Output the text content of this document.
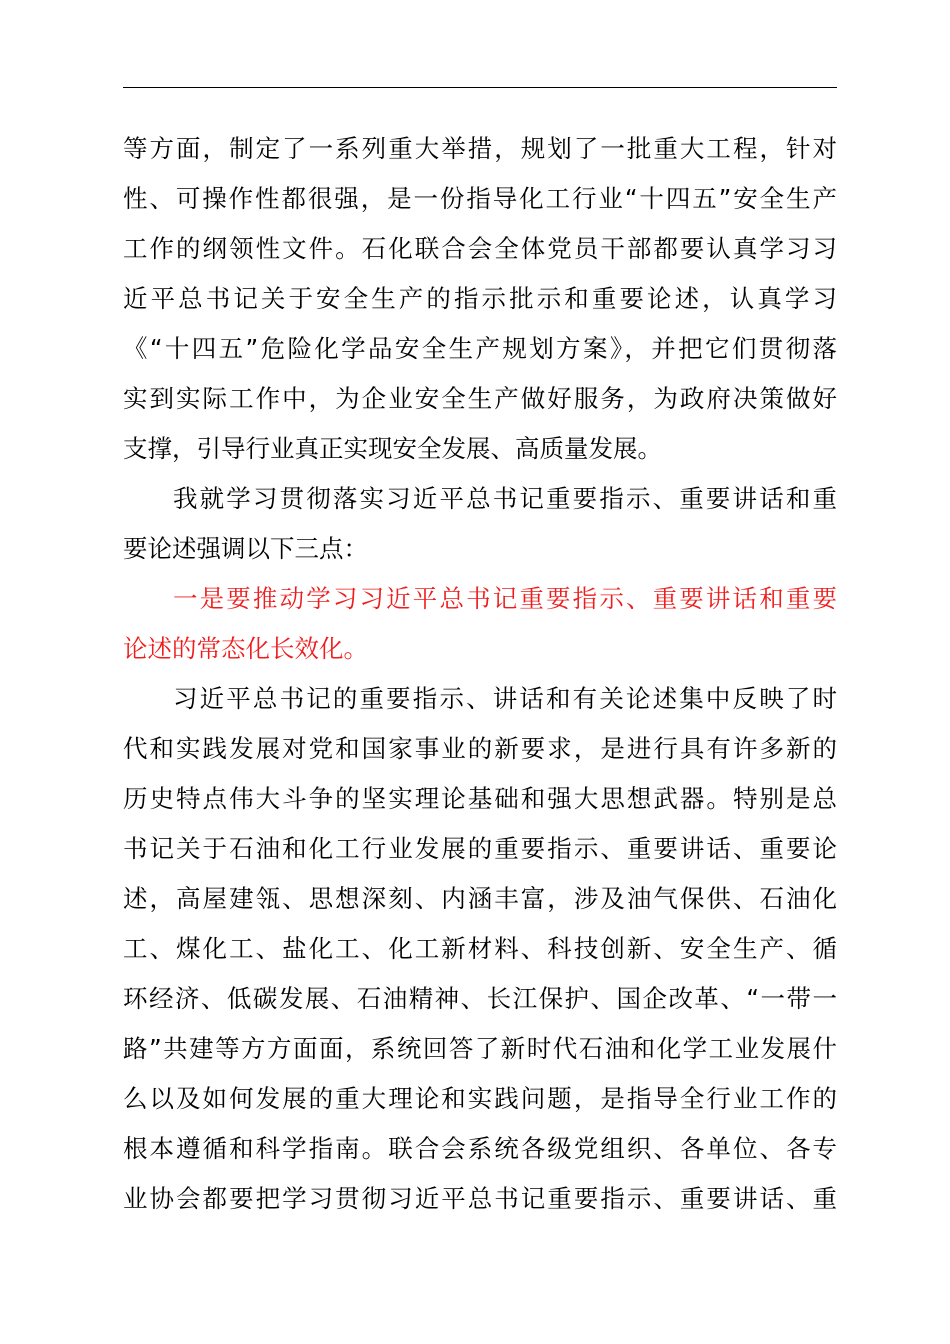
等方面，制定了一系列重大举措，规划了一批重大工程，针对
性、可操作性都很强，是一份指导化工行业“十四五”安全生产
工作的纲领性文件。石化联合会全体党员干部都要认真学习习
近平总书记关于安全生产的指示批示和重要论述，认真学习
《“十四五”危险化学品安全生产规划方案》，并把它们贯彻落
实到实际工作中，为企业安全生产做好服务，为政府决策做好
支撑，引导行业真正实现安全发展、高质量发展。
我就学习贯彻落实习近平总书记重要指示、重要讲话和重
要论述强调以下三点：
一是要推动学习习近平总书记重要指示、重要讲话和重要
论述的常态化长效化。
习近平总书记的重要指示、讲话和有关论述集中反映了时
代和实践发展对党和国家事业的新要求，是进行具有许多新的
历史特点伟大斗争的坚实理论基础和强大思想武器。特别是总
书记关于石油和化工行业发展的重要指示、重要讲话、重要论
述，高屋建瓴、思想深刻、内涵丰富，涉及油气保供、石油化
工、煤化工、盐化工、化工新材料、科技创新、安全生产、循
环经济、低碳发展、石油精神、长江保护、国企改革、“一带一
路”共建等方方面面，系统回答了新时代石油和化学工业发展什
么以及如何发展的重大理论和实践问题，是指导全行业工作的
根本遵循和科学指南。联合会系统各级党组织、各单位、各专
业协会都要把学习贯彻习近平总书记重要指示、重要讲话、重
